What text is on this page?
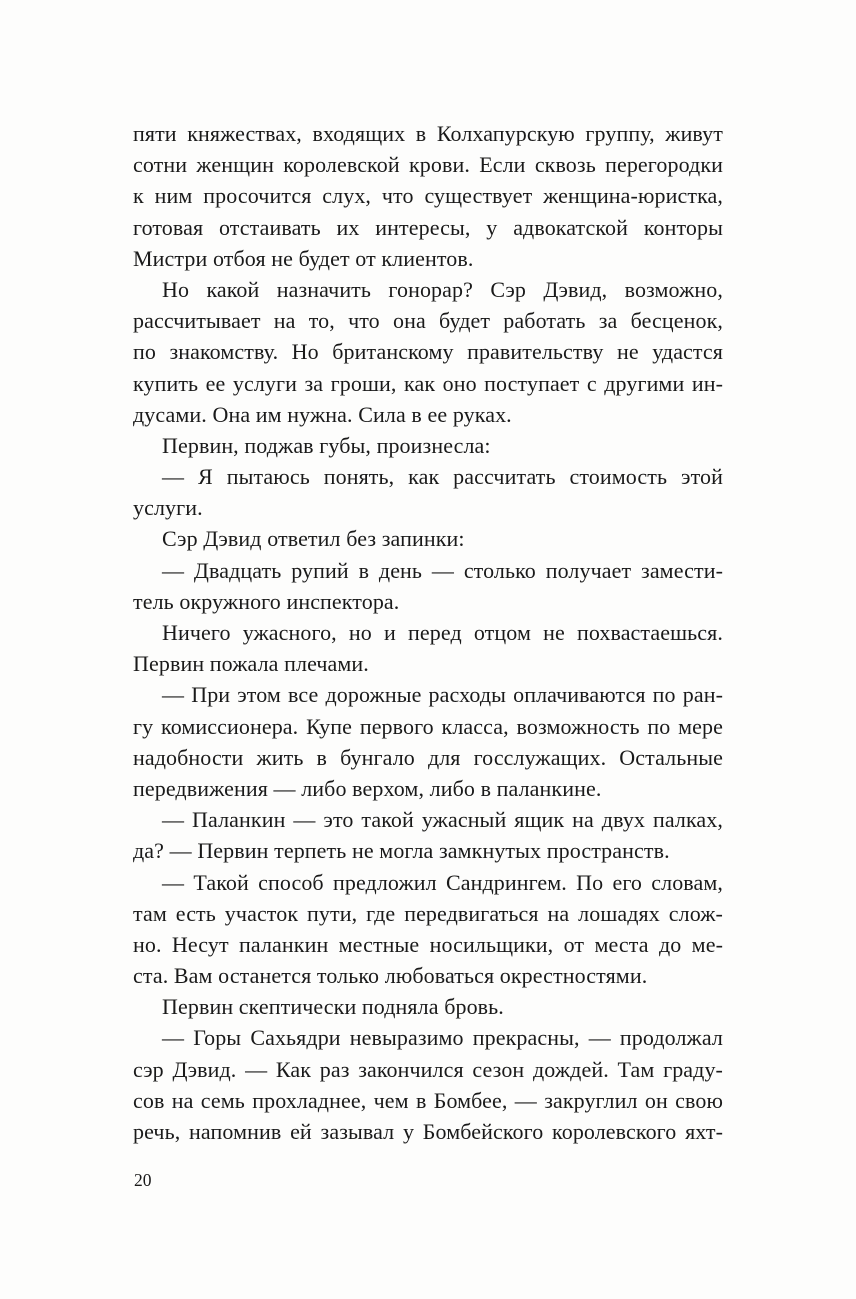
пяти княжествах, входящих в Колхапурскую группу, живут
сотни женщин королевской крови. Если сквозь перегородки
к ним просочится слух, что существует женщина-юристка,
готовая отстаивать их интересы, у адвокатской конторы
Мистри отбоя не будет от клиентов.
Но какой назначить гонорар? Сэр Дэвид, возможно,
рассчитывает на то, что она будет работать за бесценок,
по знакомству. Но британскому правительству не удастся
купить ее услуги за гроши, как оно поступает с другими ин-
дусами. Она им нужна. Сила в ее руках.
Первин, поджав губы, произнесла:
— Я пытаюсь понять, как рассчитать стоимость этой
услуги.
Сэр Дэвид ответил без запинки:
— Двадцать рупий в день — столько получает замести-
тель окружного инспектора.
Ничего ужасного, но и перед отцом не похвастаешься.
Первин пожала плечами.
— При этом все дорожные расходы оплачиваются по ран-
гу комиссионера. Купе первого класса, возможность по мере
надобности жить в бунгало для госслужащих. Остальные
передвижения — либо верхом, либо в паланкине.
— Паланкин — это такой ужасный ящик на двух палках,
да? — Первин терпеть не могла замкнутых пространств.
— Такой способ предложил Сандрингем. По его словам,
там есть участок пути, где передвигаться на лошадях слож-
но. Несут паланкин местные носильщики, от места до ме-
ста. Вам останется только любоваться окрестностями.
Первин скептически подняла бровь.
— Горы Сахьядри невыразимо прекрасны, — продолжал
сэр Дэвид. — Как раз закончился сезон дождей. Там граду-
сов на семь прохладнее, чем в Бомбее, — закруглил он свою
речь, напомнив ей зазывал у Бомбейского королевского яхт-
20
